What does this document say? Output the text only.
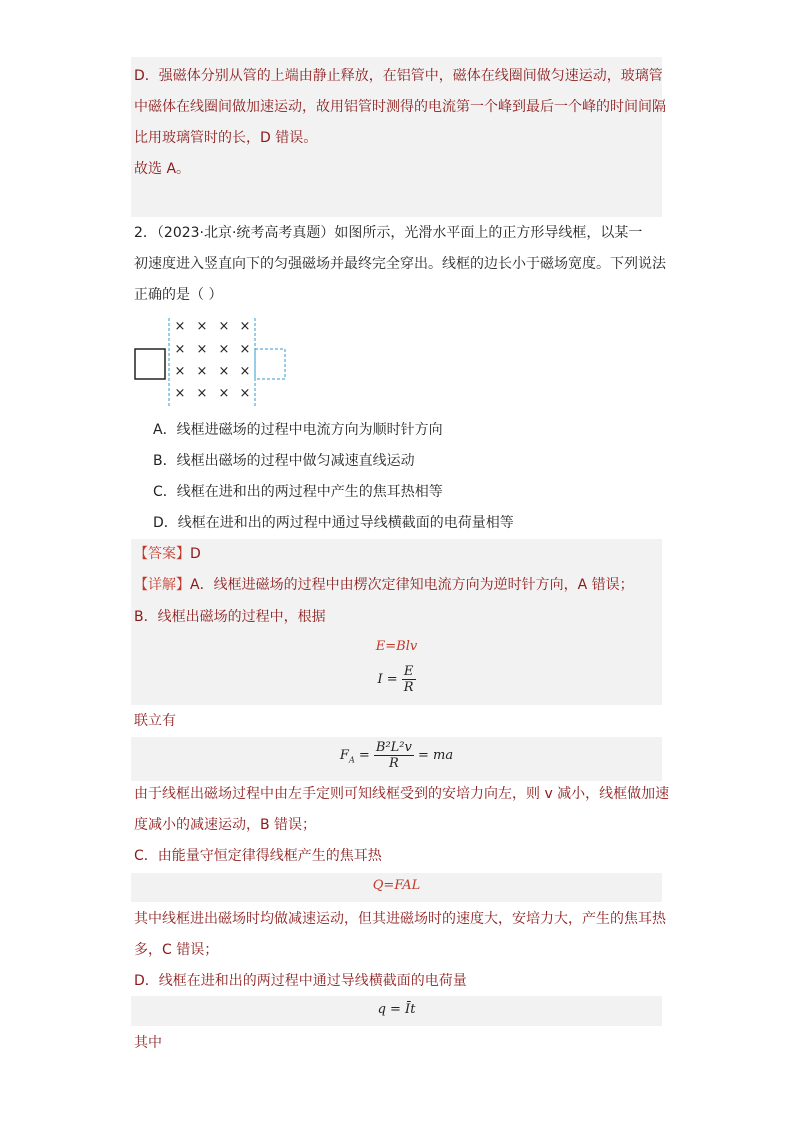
D．强磁体分别从管的上端由静止释放，在铝管中，磁体在线圈间做匀速运动，玻璃管
中磁体在线圈间做加速运动，故用铝管时测得的电流第一个峰到最后一个峰的时间间隔
比用玻璃管时的长，D 错误。
故选 A。
2．（2023·北京·统考高考真题）如图所示，光滑水平面上的正方形导线框，以某一
初速度进入竖直向下的匀强磁场并最终完全穿出。线框的边长小于磁场宽度。下列说法
正确的是（ ）
× × × ×
× × × ×
× × × ×
× × × ×
A．线框进磁场的过程中电流方向为顺时针方向
B．线框出磁场的过程中做匀减速直线运动
C．线框在进和出的两过程中产生的焦耳热相等
D．线框在进和出的两过程中通过导线横截面的电荷量相等
【答案】D
【详解】A．线框进磁场的过程中由楞次定律知电流方向为逆时针方向，A 错误；
B．线框出磁场的过程中，根据
E=Blv
$I = \frac{E}{R}$
联立有
$F_A = \frac{\text{B²L²v}}{R}$ = ma
由于线框出磁场过程中由左手定则可知线框受到的安培力向左，则 v 减小，线框做加速
度减小的减速运动，B 错误；
C．由能量守恒定律得线框产生的焦耳热
Q=FAL
其中线框进出磁场时均做减速运动，但其进磁场时的速度大，安培力大，产生的焦耳热
多，C 错误；
D．线框在进和出的两过程中通过导线横截面的电荷量
q = Īt
其中
